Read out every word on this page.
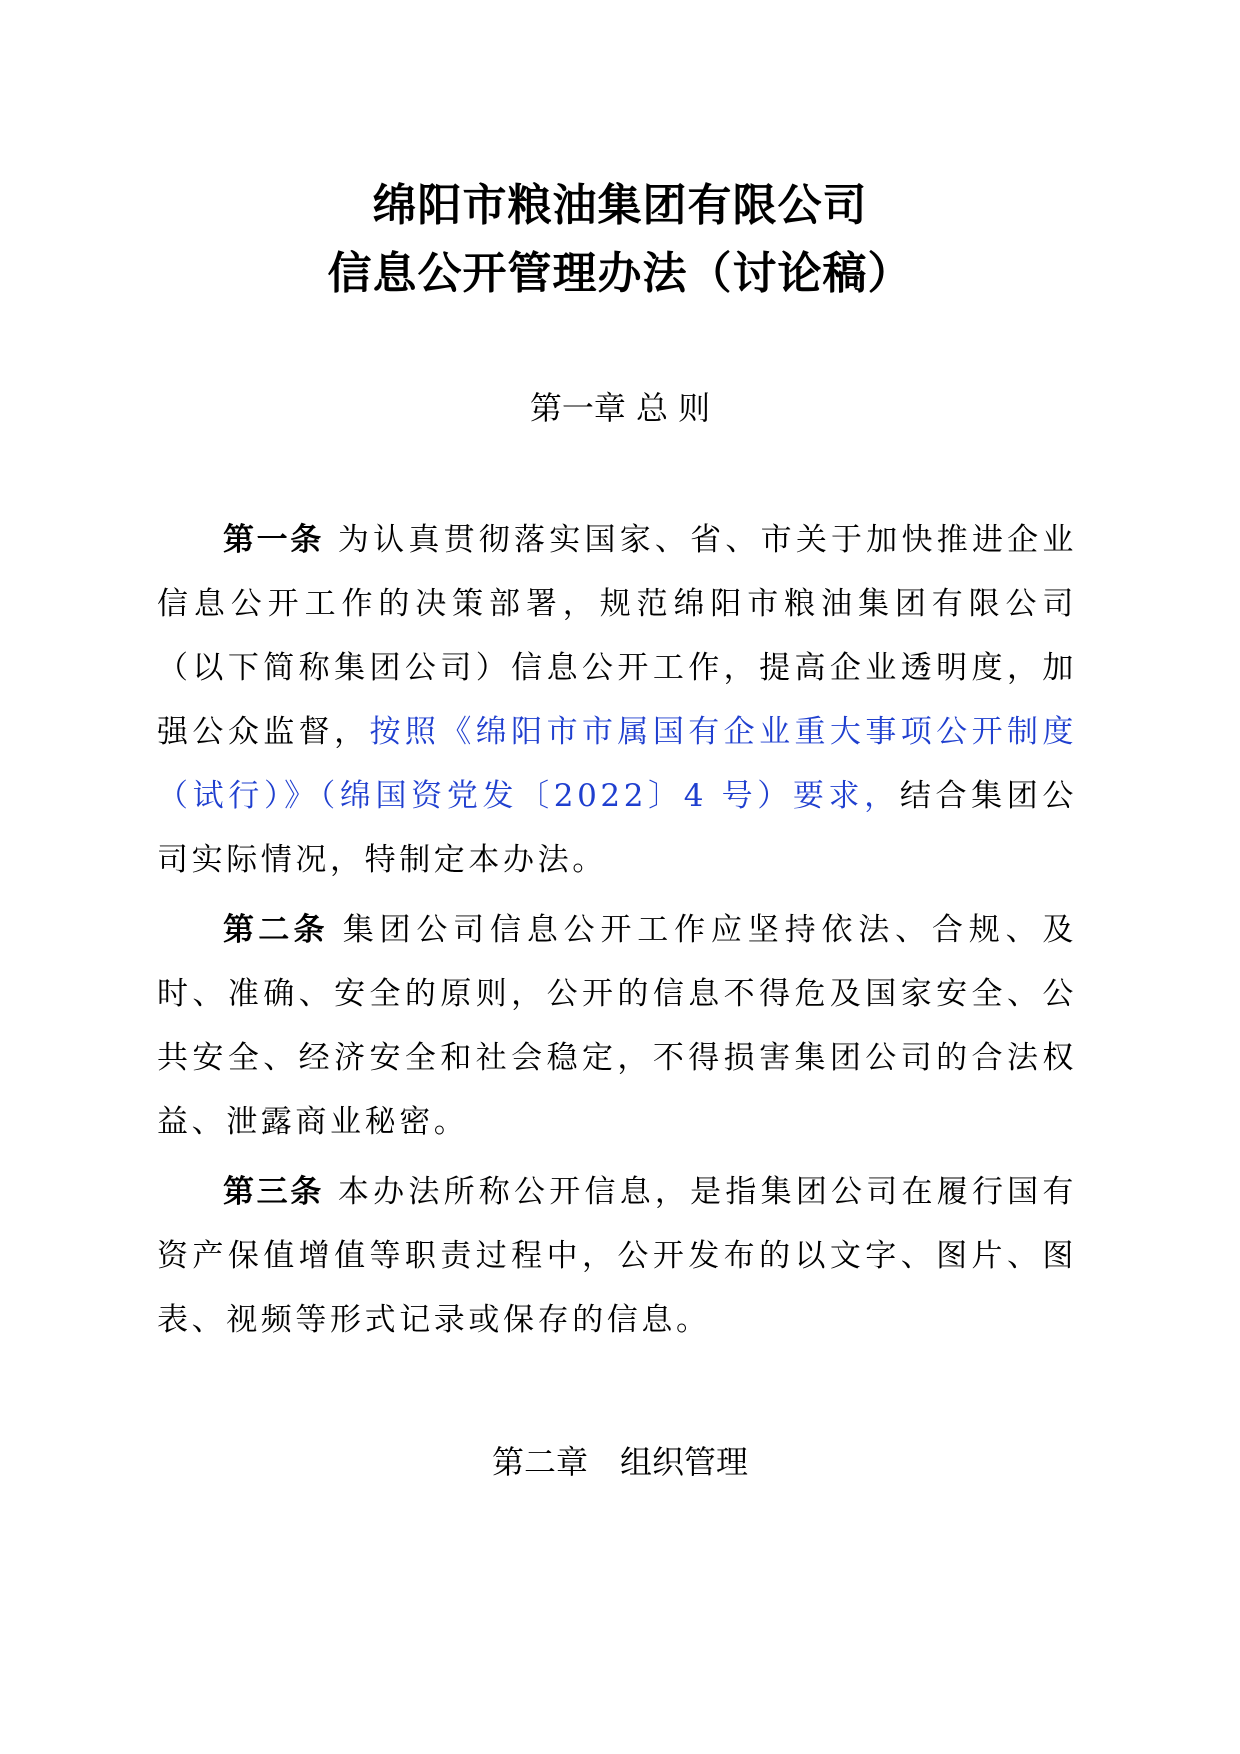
绵阳市粮油集团有限公司
信息公开管理办法（讨论稿）
第一章 总 则

第一条 为认真贯彻落实国家、省、市关于加快推进企业信息公开工作的决策部署，规范绵阳市粮油集团有限公司（以下简称集团公司）信息公开工作，提高企业透明度，加强公众监督，按照《绵阳市市属国有企业重大事项公开制度（试行）》（绵国资党发〔2022〕4 号）要求，结合集团公司实际情况，特制定本办法。

第二条 集团公司信息公开工作应坚持依法、合规、及时、准确、安全的原则，公开的信息不得危及国家安全、公共安全、经济安全和社会稳定，不得损害集团公司的合法权益、泄露商业秘密。

第三条 本办法所称公开信息，是指集团公司在履行国有资产保值增值等职责过程中，公开发布的以文字、图片、图表、视频等形式记录或保存的信息。

第二章　组织管理
